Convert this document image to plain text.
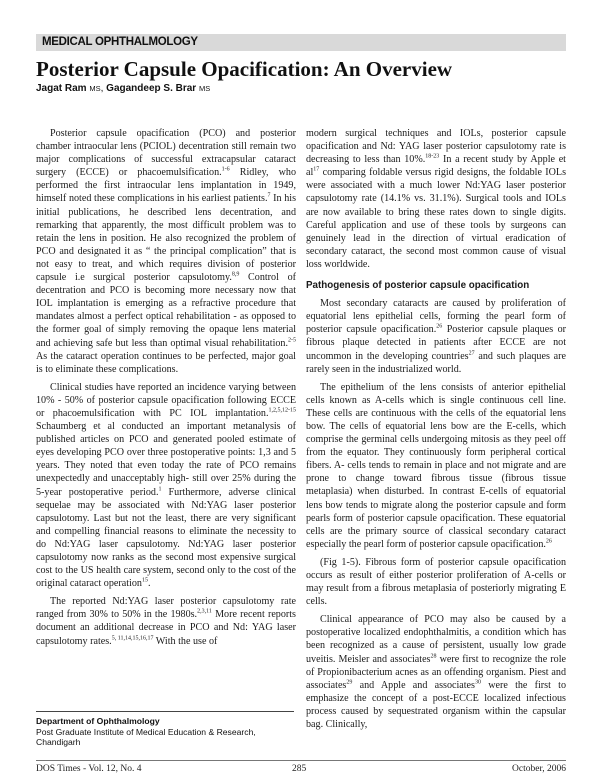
MEDICAL OPHTHALMOLOGY
Posterior Capsule Opacification: An Overview
Jagat Ram MS, Gagandeep S. Brar MS

Posterior capsule opacification (PCO) and posterior chamber intraocular lens (PCIOL) decentration still remain two major complications of successful extracapsular cataract surgery (ECCE) or phacoemulsification.$^{1-6}$ Ridley, who performed the first intraocular lens implantation in 1949, himself noted these complications in his earliest patients.$^7$ In his initial publications, he described lens decentration, and remarking that apparently, the most difficult problem was to retain the lens in position. He also recognized the problem of PCO and designated it as “ the principal complication” that is not easy to treat, and which requires division of posterior capsule i.e surgical posterior capsulotomy.$^{8,9}$ Control of decentration and PCO is becoming more necessary now that IOL implantation is emerging as a refractive procedure that mandates almost a perfect optical rehabilitation - as opposed to the former goal of simply removing the opaque lens material and achieving safe but less than optimal visual rehabilitation.$^{2-5}$ As the cataract operation continues to be perfected, major goal is to eliminate these complications.

Clinical studies have reported an incidence varying between 10% - 50% of posterior capsule opacification following ECCE or phacoemulsification with PC IOL implantation.$^{1,2,5,12-15}$ Schaumberg et al conducted an important metanalysis of published articles on PCO and generated pooled estimate of eyes developing PCO over three postoperative points: 1,3 and 5 years. They noted that even today the rate of PCO remains unexpectedly and unacceptably high- still over 25% during the 5-year postoperative period.$^1$ Furthermore, adverse clinical sequelae may be associated with Nd:YAG laser posterior capsulotomy. Last but not the least, there are very significant and compelling financial reasons to eliminate the necessity to do Nd:YAG laser capsulotomy. Nd:YAG laser posterior capsulotomy now ranks as the second most expensive surgical cost to the US health care system, second only to the cost of the original cataract operation$^{15}$.

The reported Nd:YAG laser posterior capsulotomy rate ranged from 30% to 50% in the 1980s.$^{2,3,11}$ More recent reports document an additional decrease in PCO and Nd: YAG laser capsulotomy rates.$^{5, 11,14,15,16,17}$ With the use of

modern surgical techniques and IOLs, posterior capsule opacification and Nd: YAG laser posterior capsulotomy rate is decreasing to less than 10%.$^{18-23}$ In a recent study by Apple et $al^{17}$ comparing foldable versus rigid designs, the foldable IOLs were associated with a much lower Nd:YAG laser posterior capsulotomy rate (14.1% vs. 31.1%). Surgical tools and IOLs are now available to bring these rates down to single digits. Careful application and use of these tools by surgeons can genuinely lead in the direction of virtual eradication of secondary cataract, the second most common cause of visual loss worldwide.

Pathogenesis of posterior capsule opacification

Most secondary cataracts are caused by proliferation of equatorial lens epithelial cells, forming the pearl form of posterior capsule opacification.$^{26}$ Posterior capsule plaques or fibrous plaque detected in patients after ECCE are not uncommon in the developing countries$^{27}$ and such plaques are rarely seen in the industrialized world.

The epithelium of the lens consists of anterior epithelial cells known as A-cells which is single continuous cell line. These cells are continuous with the cells of the equatorial lens bow. The cells of equatorial lens bow are the E-cells, which comprise the germinal cells undergoing mitosis as they peel off from the equator. They continuously form peripheral cortical fibers. A- cells tends to remain in place and not migrate and are prone to change toward fibrous tissue (fibrous tissue metaplasia) when disturbed. In contrast E-cells of equatorial lens bow tends to migrate along the posterior capsule and form pearls form of posterior capsule opacification. These equatorial cells are the primary source of classical secondary cataract especially the pearl form of posterior capsule opacification.$^{26}$

(Fig 1-5). Fibrous form of posterior capsule opacification occurs as result of either posterior proliferation of A-cells or may result from a fibrous metaplasia of posteriorly migrating E cells.

Clinical appearance of PCO may also be caused by a postoperative localized endophthalmitis, a condition which has been recognized as a cause of persistent, usually low grade uveitis. Meisler and associates$^{28}$ were first to recognize the role of Propionibacterium acnes as an offending organism. Piest and associates$^{29}$ and Apple and associates$^{30}$ were the first to emphasize the concept of a post-ECCE localized infectious process caused by sequestrated organism within the capsular bag. Clinically,

Department of Ophthalmology
Post Graduate Institute of Medical Education & Research,
Chandigarh
DOS Times - Vol. 12, No. 4	285	October, 2006
